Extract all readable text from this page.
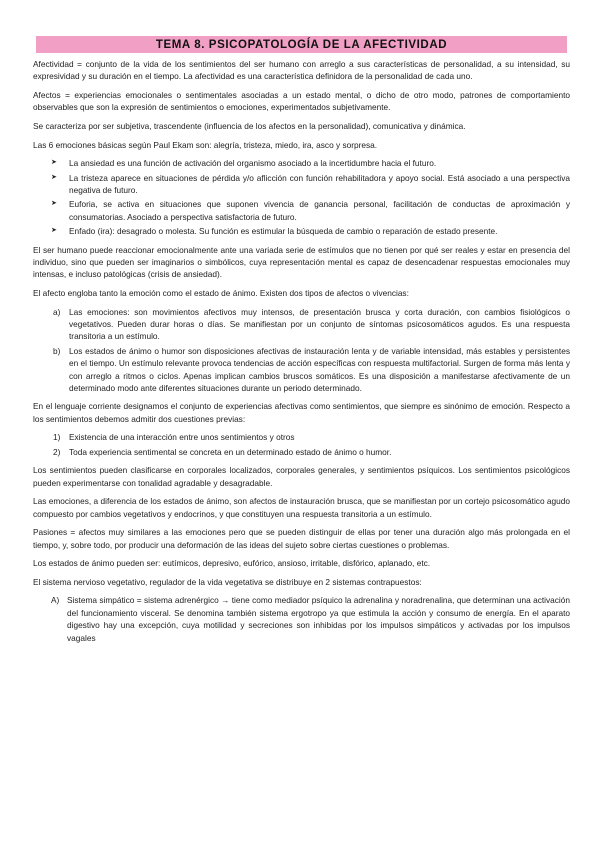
TEMA 8. PSICOPATOLOGÍA DE LA AFECTIVIDAD

Afectividad = conjunto de la vida de los sentimientos del ser humano con arreglo a sus características de personalidad, a su intensidad, su expresividad y su duración en el tiempo. La afectividad es una característica definidora de la personalidad de cada uno.

Afectos = experiencias emocionales o sentimentales asociadas a un estado mental, o dicho de otro modo, patrones de comportamiento observables que son la expresión de sentimientos o emociones, experimentados subjetivamente.

Se caracteriza por ser subjetiva, trascendente (influencia de los afectos en la personalidad), comunicativa y dinámica.

Las 6 emociones básicas según Paul Ekam son: alegría, tristeza, miedo, ira, asco y sorpresa.

➤ La ansiedad es una función de activación del organismo asociado a la incertidumbre hacia el futuro.
➤ La tristeza aparece en situaciones de pérdida y/o aflicción con función rehabilitadora y apoyo social. Está asociado a una perspectiva negativa de futuro.
➤ Euforia, se activa en situaciones que suponen vivencia de ganancia personal, facilitación de conductas de aproximación y consumatorias. Asociado a perspectiva satisfactoria de futuro.
➤ Enfado (ira): desagrado o molesta. Su función es estimular la búsqueda de cambio o reparación de estado presente.

El ser humano puede reaccionar emocionalmente ante una variada serie de estímulos que no tienen por qué ser reales y estar en presencia del individuo, sino que pueden ser imaginarios o simbólicos, cuya representación mental es capaz de desencadenar respuestas emocionales muy intensas, e incluso patológicas (crisis de ansiedad).

El afecto engloba tanto la emoción como el estado de ánimo. Existen dos tipos de afectos o vivencias:

a) Las emociones: son movimientos afectivos muy intensos, de presentación brusca y corta duración, con cambios fisiológicos o vegetativos. Pueden durar horas o días. Se manifiestan por un conjunto de síntomas psicosomáticos agudos. Es una respuesta transitoria a un estímulo.
b) Los estados de ánimo o humor son disposiciones afectivas de instauración lenta y de variable intensidad, más estables y persistentes en el tiempo. Un estímulo relevante provoca tendencias de acción específicas con respuesta multifactorial. Surgen de forma más lenta y con arreglo a ritmos o ciclos. Apenas implican cambios bruscos somáticos. Es una disposición a manifestarse afectivamente de un determinado modo ante diferentes situaciones durante un periodo determinado.

En el lenguaje corriente designamos el conjunto de experiencias afectivas como sentimientos, que siempre es sinónimo de emoción. Respecto a los sentimientos debemos admitir dos cuestiones previas:

1) Existencia de una interacción entre unos sentimientos y otros
2) Toda experiencia sentimental se concreta en un determinado estado de ánimo o humor.

Los sentimientos pueden clasificarse en corporales localizados, corporales generales, y sentimientos psíquicos. Los sentimientos psicológicos pueden experimentarse con tonalidad agradable y desagradable.

Las emociones, a diferencia de los estados de ánimo, son afectos de instauración brusca, que se manifiestan por un cortejo psicosomático agudo compuesto por cambios vegetativos y endocrinos, y que constituyen una respuesta transitoria a un estímulo.

Pasiones = afectos muy similares a las emociones pero que se pueden distinguir de ellas por tener una duración algo más prolongada en el tiempo, y, sobre todo, por producir una deformación de las ideas del sujeto sobre ciertas cuestiones o problemas.

Los estados de ánimo pueden ser: eutímicos, depresivo, eufórico, ansioso, irritable, disfórico, aplanado, etc.

El sistema nervioso vegetativo, regulador de la vida vegetativa se distribuye en 2 sistemas contrapuestos:

A) Sistema simpático = sistema adrenérgico → tiene como mediador psíquico la adrenalina y noradrenalina, que determinan una activación del funcionamiento visceral. Se denomina también sistema ergotropo ya que estimula la acción y consumo de energía. En el aparato digestivo hay una excepción, cuya motilidad y secreciones son inhibidas por los impulsos simpáticos y activadas por los impulsos vagales
